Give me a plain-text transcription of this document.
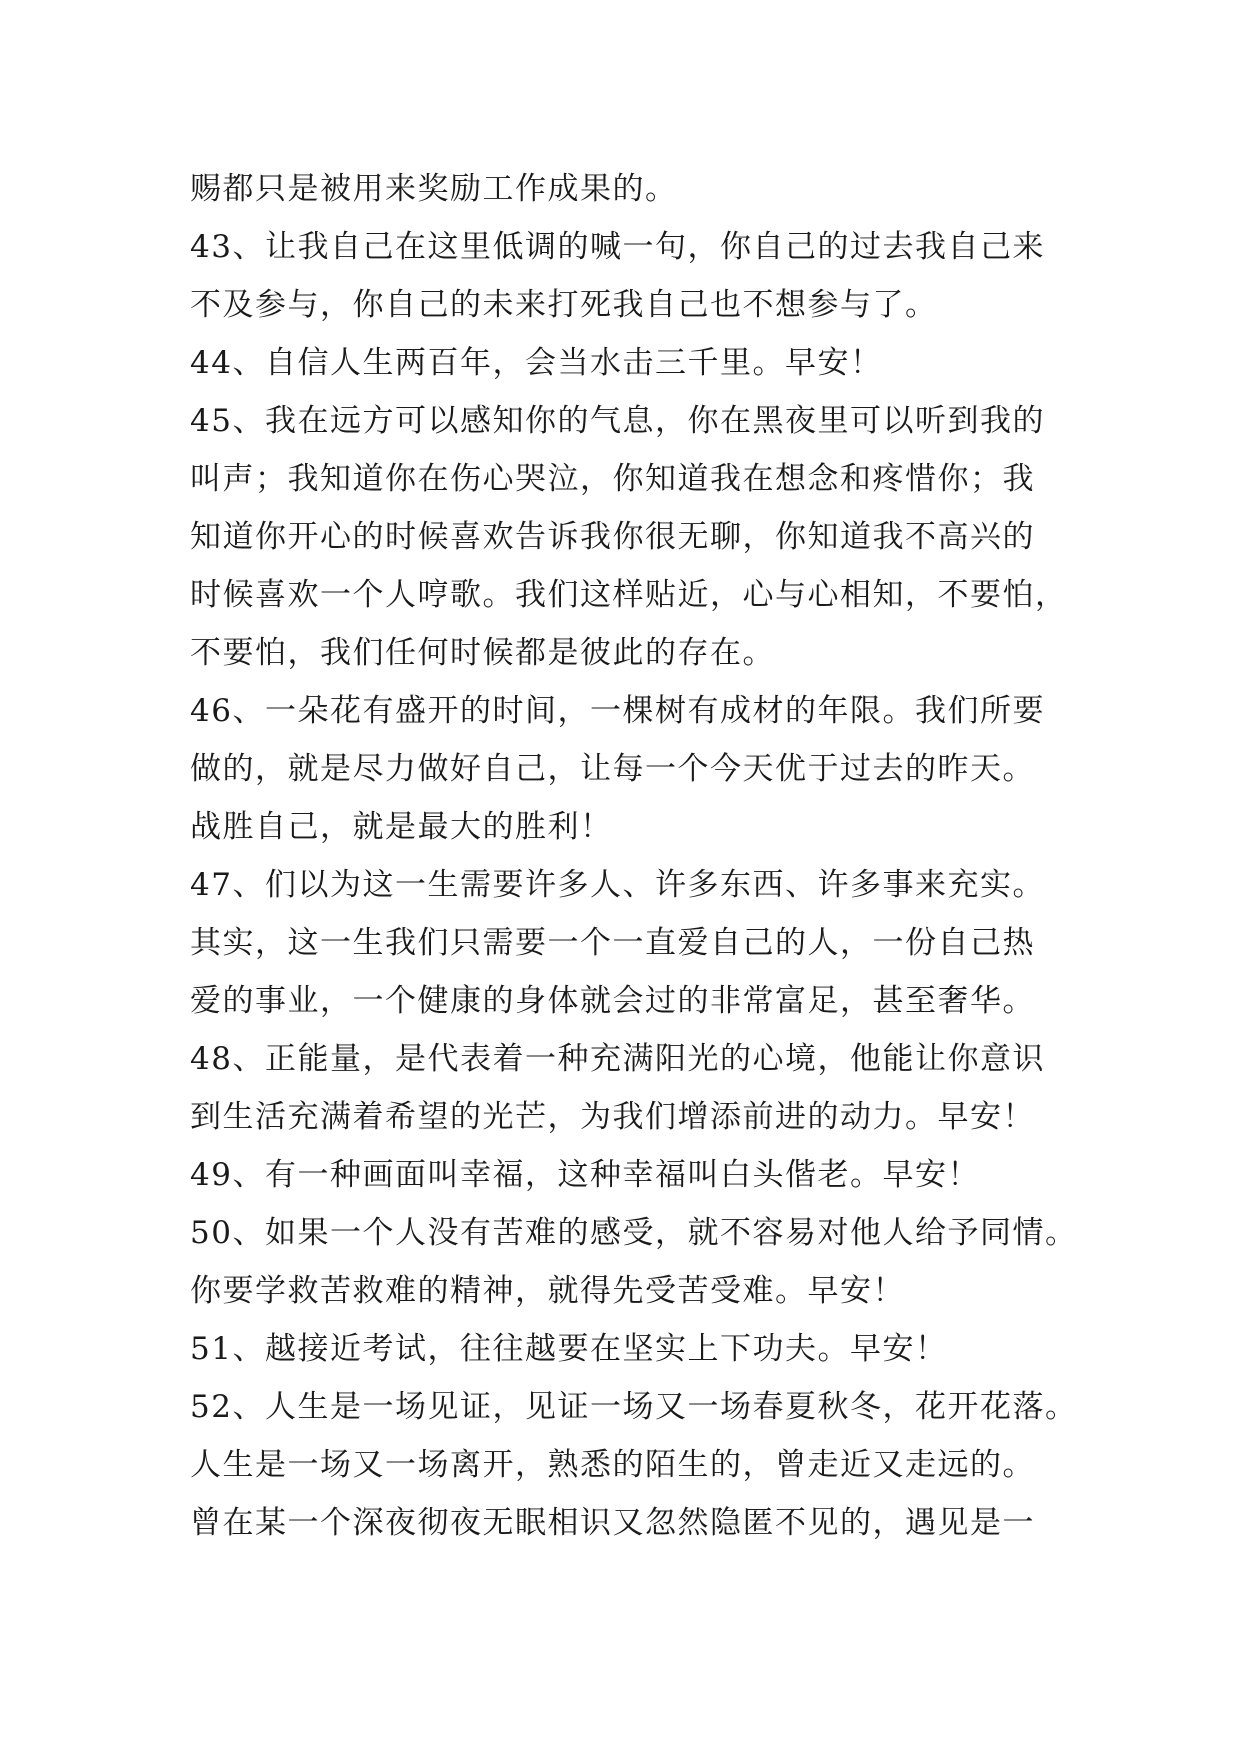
赐都只是被用来奖励工作成果的。
43、让我自己在这里低调的喊一句，你自己的过去我自己来
不及参与，你自己的未来打死我自己也不想参与了。
44、自信人生两百年，会当水击三千里。早安！
45、我在远方可以感知你的气息，你在黑夜里可以听到我的
叫声；我知道你在伤心哭泣，你知道我在想念和疼惜你；我
知道你开心的时候喜欢告诉我你很无聊，你知道我不高兴的
时候喜欢一个人哼歌。我们这样贴近，心与心相知，不要怕，
不要怕，我们任何时候都是彼此的存在。
46、一朵花有盛开的时间，一棵树有成材的年限。我们所要
做的，就是尽力做好自己，让每一个今天优于过去的昨天。
战胜自己，就是最大的胜利！
47、们以为这一生需要许多人、许多东西、许多事来充实。
其实，这一生我们只需要一个一直爱自己的人，一份自己热
爱的事业，一个健康的身体就会过的非常富足，甚至奢华。
48、正能量，是代表着一种充满阳光的心境，他能让你意识
到生活充满着希望的光芒，为我们增添前进的动力。早安！
49、有一种画面叫幸福，这种幸福叫白头偕老。早安！
50、如果一个人没有苦难的感受，就不容易对他人给予同情。
你要学救苦救难的精神，就得先受苦受难。早安！
51、越接近考试，往往越要在坚实上下功夫。早安！
52、人生是一场见证，见证一场又一场春夏秋冬，花开花落。
人生是一场又一场离开，熟悉的陌生的，曾走近又走远的。
曾在某一个深夜彻夜无眠相识又忽然隐匿不见的，遇见是一
